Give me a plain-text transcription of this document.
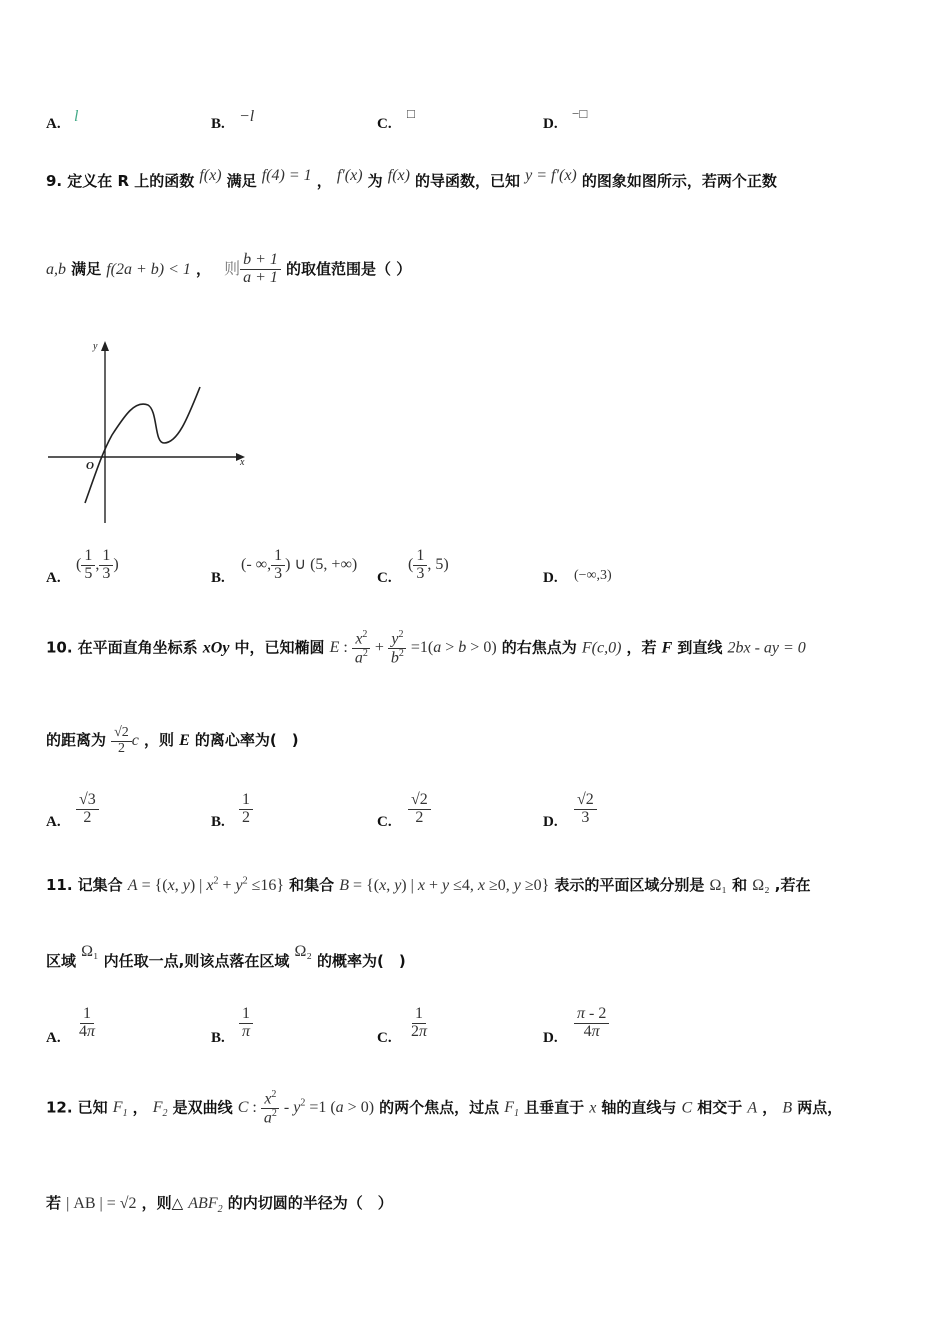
A. l	B. −l	C.
□
D.
−□
9. 定义在 R 上的函数 f(x) 满足 f(4) = 1 ， f′(x) 为 f(x) 的导函数，已知 y = f′(x) 的图象如图所示，若两个正数
a,b 满足 f(2a + b) < 1 ， 则 $\frac{b + 1}{a + 1}$ 的取值范围是（ ）
y
x
O
A.
( $\frac{1}{5}$ , $\frac{1}{3}$ )
B.
(- ∞, $\frac{1}{3}$ ) ∪ (5, +∞)
C.
( $\frac{1}{3}$ , 5)
D. (−∞,3)
10. 在平面直角坐标系 xOy 中，已知椭圆 E : $\frac{x^2}{a^2} + \frac{y^2}{b^2} =1(a > b > 0)$ 的右焦点为 F(c,0) ，若 F 到直线 2bx - ay = 0
的距离为 $\frac{√2}{2}$ c ，则 E 的离心率为(　)
A. $\frac{√3}{2}$	B. $\frac{1}{2}$	C. $\frac{√2}{2}$	D. $\frac{√2}{3}$
11. 记集合 A = {(x, y) | $x^2 + y^2 \le 16$} 和集合 B = {(x, y) | x + y ≤4, x ≥0, y ≥0} 表示的平面区域分别是 Ω₁ 和 Ω₂ ,若在
区域 Ω₁ 内任取一点,则该点落在区域 Ω₂ 的概率为(　)
A. $\frac{1}{4\pi}$	B. $\frac{1}{\pi}$	C. $\frac{1}{2\pi}$	D. $\frac{\pi - 2}{4\pi}$
12. 已知 $F_1$ ， $F_2$ 是双曲线 C : $\frac{x^2}{a^2} - y^2 =1$ (a > 0) 的两个焦点，过点 $F_1$ 且垂直于 x 轴的直线与 C 相交于 A ， B 两点，
若 | AB | = √2 ，则△ $ABF_2$ 的内切圆的半径为（　）
